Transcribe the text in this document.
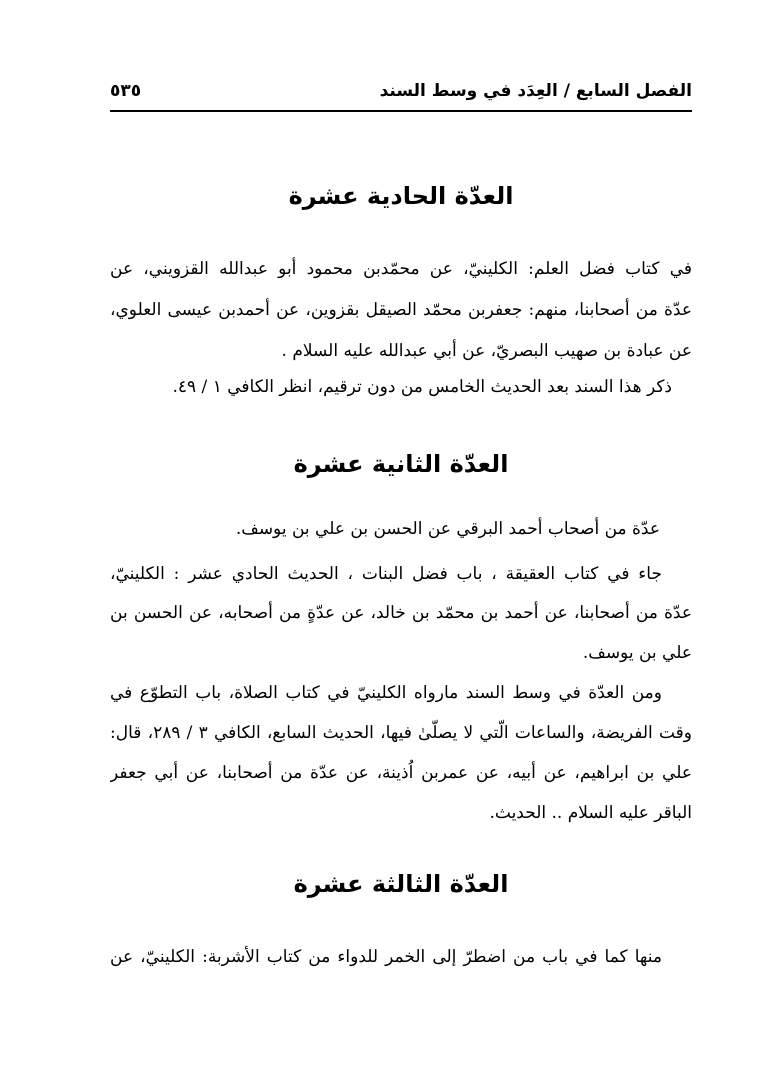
الفصل السابع / العِدَد في وسط السند
٥٣٥
العدّة الحادية عشرة
في كتاب فضل العلم: الكلينيّ، عن محمّدبن محمود أبو عبدالله القزويني، عن
عدّة من أصحابنا، منهم: جعفربن محمّد الصيقل بقزوين، عن أحمدبن عيسى العلوي،
عن عبادة بن صهيب البصريّ، عن أبي عبدالله عليه السلام .
ذكر هذا السند بعد الحديث الخامس من دون ترقيم، انظر الكافي ١ / ٤٩.
العدّة الثانية عشرة
عدّة من أصحاب أحمد البرقي عن الحسن بن علي بن يوسف.
جاء في كتاب العقيقة ، باب فضل البنات ، الحديث الحادي عشر : الكلينيّ،
عدّة من أصحابنا، عن أحمد بن محمّد بن خالد، عن عدّةٍ من أصحابه، عن الحسن بن
علي بن يوسف.
ومن العدّة في وسط السند مارواه الكلينيّ في كتاب الصلاة، باب التطوّع في
وقت الفريضة، والساعات الّتي لا يصلّىٰ فيها، الحديث السابع، الكافي ٣ / ٢٨٩، قال:
علي بن ابراهيم، عن أبيه، عن عمربن اُذينة، عن عدّة من أصحابنا، عن أبي جعفر
الباقر عليه السلام .. الحديث.
العدّة الثالثة عشرة
منها كما في باب من اضطرّ إلى الخمر للدواء من كتاب الأشربة: الكلينيّ، عن
